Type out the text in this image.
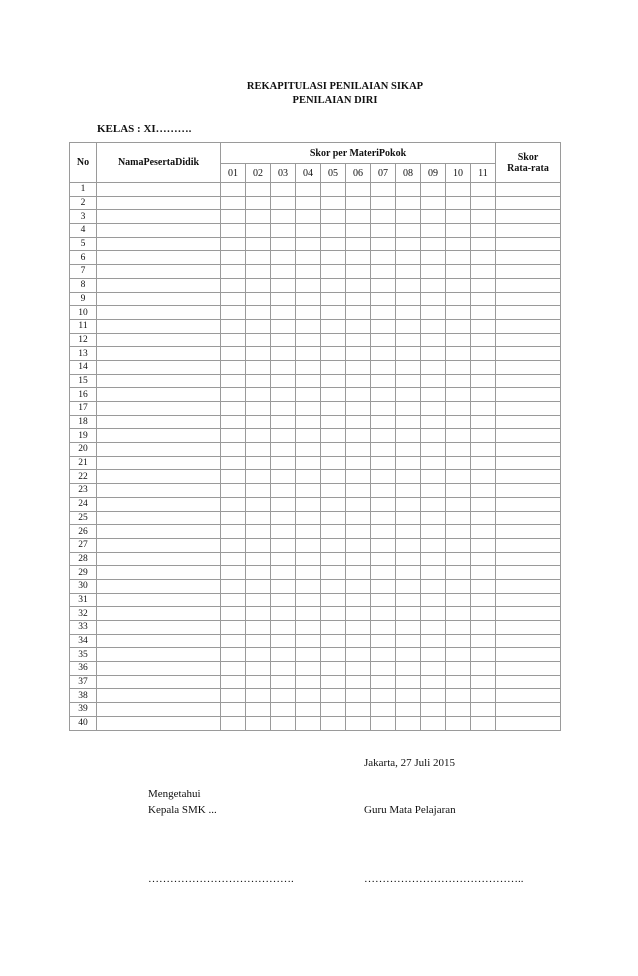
REKAPITULASI PENILAIAN SIKAP
PENILAIAN DIRI
KELAS : XI……….
No	NamaPesertaDidik	Skor per MateriPokok											Skor
Rata-rata

		01	02	03	04	05	06	07	08	09	10	11	
1													
2													
3													
4													
5													
6													
7													
8													
9													
10													
11													
12													
13													
14													
15													
16													
17													
18													
19													
20													
21													
22													
23													
24													
25													
26													
27													
28													
29													
30													
31													
32													
33													
34													
35													
36													
37													
38													
39													
40													
Jakarta, 27 Juli 2015
Mengetahui
Kepala SMK ...	Guru Mata Pelajaran
………………………………….	……………………………………..
